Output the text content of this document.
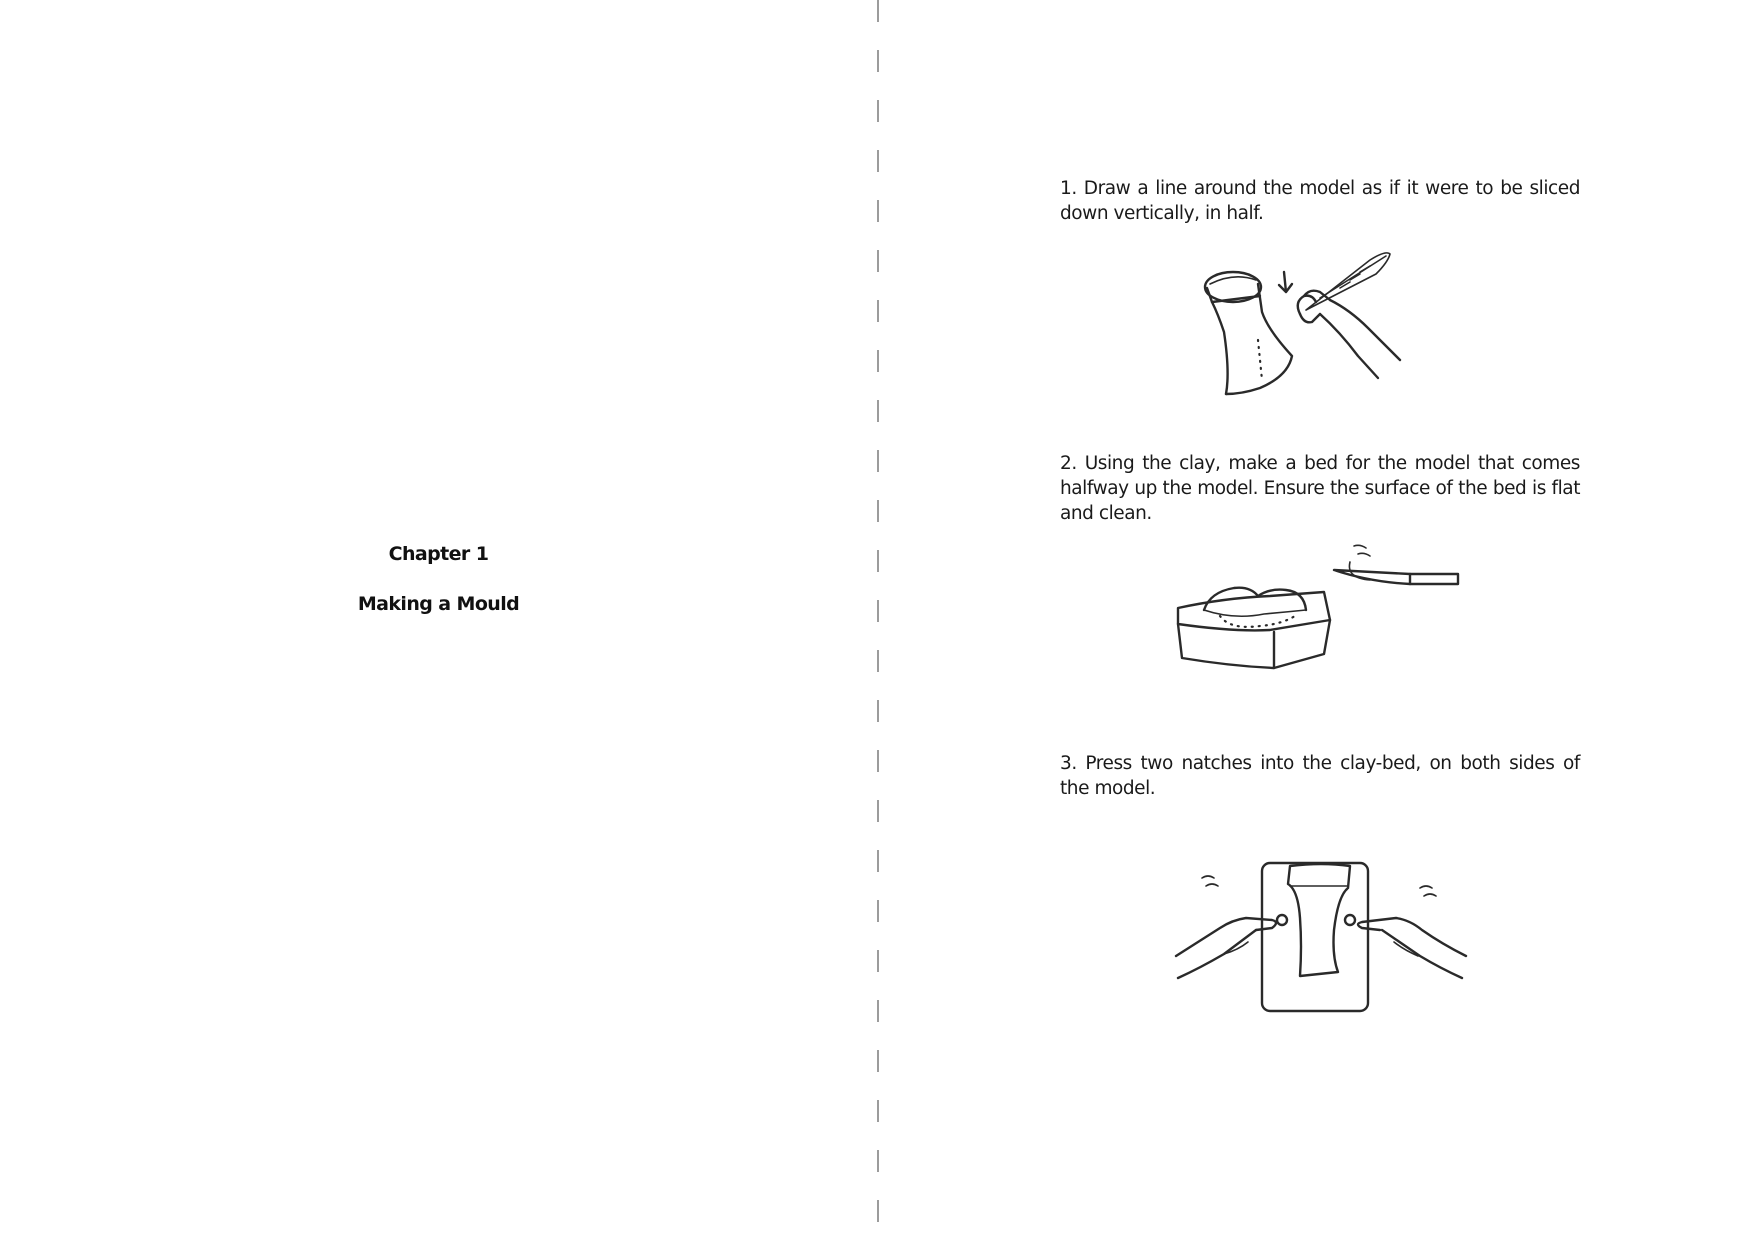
Chapter 1
Making a Mould

1. Draw a line around the model as if it were to be sliced down vertically, in half.

2. Using the clay, make a bed for the model that comes halfway up the model. Ensure the surface of the bed is flat and clean.

3. Press two natches into the clay-bed, on both sides of the model.
